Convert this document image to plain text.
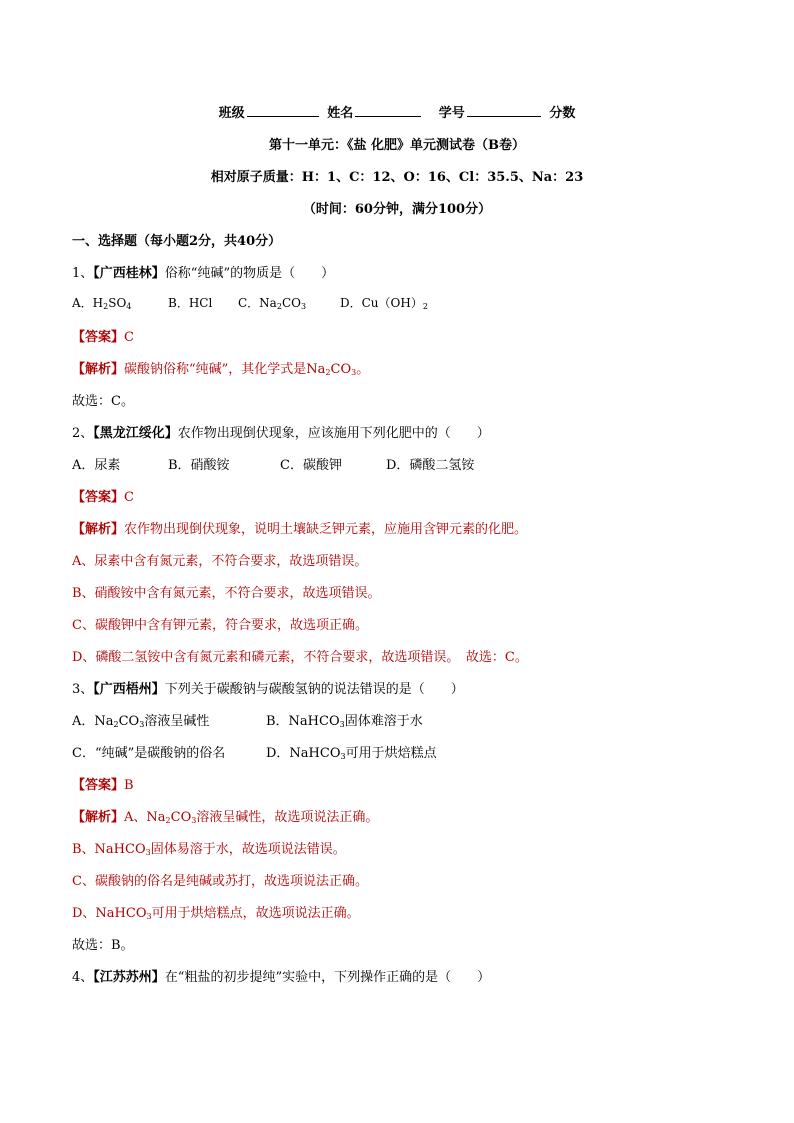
班级	姓名	学号	分数
第十一单元：《盐 化肥》单元测试卷（B卷）
相对原子质量：H：1、C：12、O：16、Cl：35.5、Na：23
（时间：60分钟，满分100分）
一、选择题（每小题2分，共40分）
1、【广西桂林】俗称“纯碱”的物质是（　　）
A．$H_2SO_4$	B．HCl C．$Na_2CO_3$	D．$Cu(OH)_2$
【答案】C
【解析】碳酸钠俗称“纯碱”，其化学式是$Na_2CO_3$。
故选：C。
2、【黑龙江绥化】农作物出现倒伏现象，应该施用下列化肥中的（　　）
A．尿素	B．硝酸铵	C．碳酸钾	D．磷酸二氢铵
【答案】C
【解析】农作物出现倒伏现象，说明土壤缺乏钾元素，应施用含钾元素的化肥。
A、尿素中含有氮元素，不符合要求，故选项错误。
B、硝酸铵中含有氮元素，不符合要求，故选项错误。
C、碳酸钾中含有钾元素，符合要求，故选项正确。
D、磷酸二氢铵中含有氮元素和磷元素，不符合要求，故选项错误。　故选：C。
3、【广西梧州】下列关于碳酸钠与碳酸氢钠的说法错误的是（　　）
A．$Na_2CO_3$溶液呈碱性	B．NaHCO$_3$固体难溶于水
C．“纯碱”是碳酸钠的俗名	D．NaHCO$_3$可用于烘焙糕点
【答案】B
【解析】A、$Na_2CO_3$溶液呈碱性，故选项说法正确。
B、NaHCO$_3$固体易溶于水，故选项说法错误。
C、碳酸钠的俗名是纯碱或苏打，故选项说法正确。
D、NaHCO$_3$可用于烘焙糕点，故选项说法正确。
故选：B。
4、【江苏苏州】在“粗盐的初步提纯”实验中，下列操作正确的是（　　）
